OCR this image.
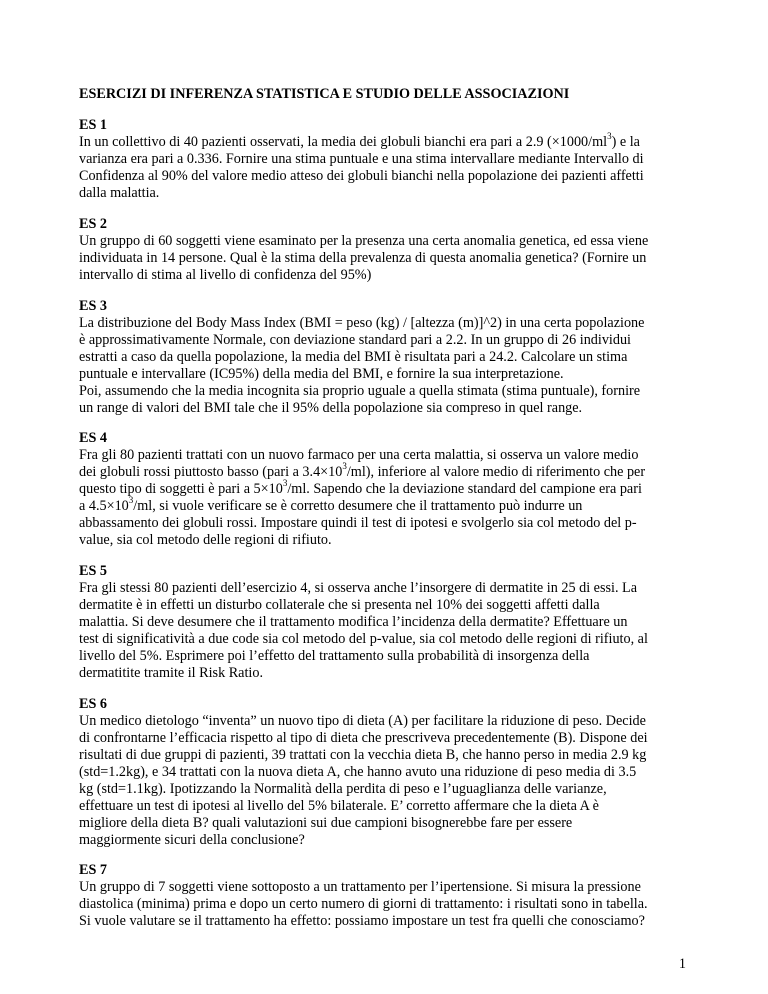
ESERCIZI DI INFERENZA STATISTICA E STUDIO DELLE ASSOCIAZIONI
ES 1
In un collettivo di 40 pazienti osservati, la media dei globuli bianchi era pari a 2.9 $(\times 1000/ml^3)$ e la
varianza era pari a 0.336. Fornire una stima puntuale e una stima intervallare mediante Intervallo di
Confidenza al 90% del valore medio atteso dei globuli bianchi nella popolazione dei pazienti affetti
dalla malattia.
ES 2
Un gruppo di 60 soggetti viene esaminato per la presenza una certa anomalia genetica, ed essa viene
individuata in 14 persone. Qual è la stima della prevalenza di questa anomalia genetica? (Fornire un
intervallo di stima al livello di confidenza del 95%)
ES 3
La distribuzione del Body Mass Index (BMI = peso (kg) / [altezza (m)]^2) in una certa popolazione
è approssimativamente Normale, con deviazione standard pari a 2.2. In un gruppo di 26 individui
estratti a caso da quella popolazione, la media del BMI è risultata pari a 24.2. Calcolare un stima
puntuale e intervallare (IC95%) della media del BMI, e fornire la sua interpretazione.
Poi, assumendo che la media incognita sia proprio uguale a quella stimata (stima puntuale), fornire
un range di valori del BMI tale che il 95% della popolazione sia compreso in quel range.
ES 4
Fra gli 80 pazienti trattati con un nuovo farmaco per una certa malattia, si osserva un valore medio
dei globuli rossi piuttosto basso (pari a $3.4\times 10^3/ml$), inferiore al valore medio di riferimento che per
questo tipo di soggetti è pari a $5\times 10^3/ml$. Sapendo che la deviazione standard del campione era pari
a $4.5\times 10^3/ml$, si vuole verificare se è corretto desumere che il trattamento può indurre un
abbassamento dei globuli rossi. Impostare quindi il test di ipotesi e svolgerlo sia col metodo del p-
value, sia col metodo delle regioni di rifiuto.
ES 5
Fra gli stessi 80 pazienti dell’esercizio 4, si osserva anche l’insorgere di dermatite in 25 di essi. La
dermatite è in effetti un disturbo collaterale che si presenta nel 10% dei soggetti affetti dalla
malattia. Si deve desumere che il trattamento modifica l’incidenza della dermatite? Effettuare un
test di significatività a due code sia col metodo del p-value, sia col metodo delle regioni di rifiuto, al
livello del 5%. Esprimere poi l’effetto del trattamento sulla probabilità di insorgenza della
dermatitite tramite il Risk Ratio.
ES 6
Un medico dietologo “inventa” un nuovo tipo di dieta (A) per facilitare la riduzione di peso. Decide
di confrontarne l’efficacia rispetto al tipo di dieta che prescriveva precedentemente (B). Dispone dei
risultati di due gruppi di pazienti, 39 trattati con la vecchia dieta B, che hanno perso in media 2.9 kg
(std=1.2kg), e 34 trattati con la nuova dieta A, che hanno avuto una riduzione di peso media di 3.5
kg (std=1.1kg). Ipotizzando la Normalità della perdita di peso e l’uguaglianza delle varianze,
effettuare un test di ipotesi al livello del 5% bilaterale. E’ corretto affermare che la dieta A è
migliore della dieta B? quali valutazioni sui due campioni bisognerebbe fare per essere
maggiormente sicuri della conclusione?
ES 7
Un gruppo di 7 soggetti viene sottoposto a un trattamento per l’ipertensione. Si misura la pressione
diastolica (minima) prima e dopo un certo numero di giorni di trattamento: i risultati sono in tabella.
Si vuole valutare se il trattamento ha effetto: possiamo impostare un test fra quelli che conosciamo?
1
